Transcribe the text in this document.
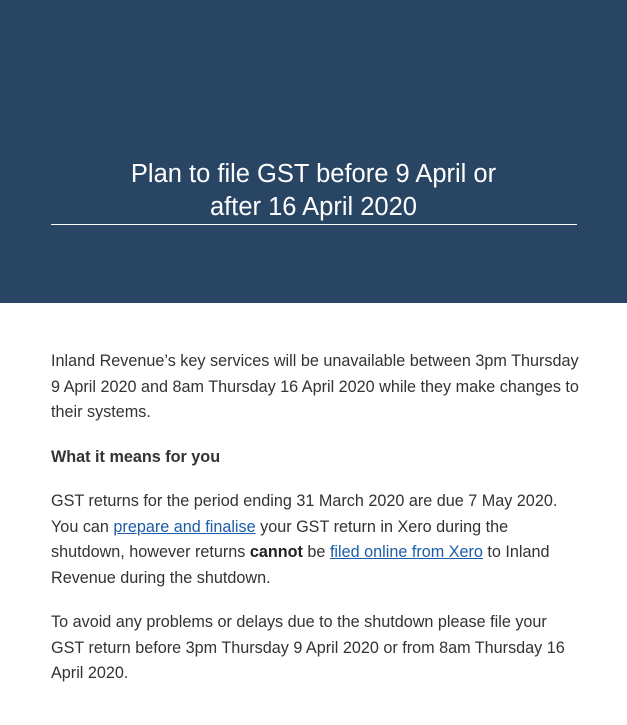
Plan to file GST before 9 April or
after 16 April 2020

Inland Revenue’s key services will be unavailable between 3pm Thursday 9 April 2020 and 8am Thursday 16 April 2020 while they make changes to their systems.

What it means for you

GST returns for the period ending 31 March 2020 are due 7 May 2020. You can prepare and finalise your GST return in Xero during the shutdown, however returns cannot be filed online from Xero to Inland Revenue during the shutdown.

To avoid any problems or delays due to the shutdown please file your GST return before 3pm Thursday 9 April 2020 or from 8am Thursday 16 April 2020.
